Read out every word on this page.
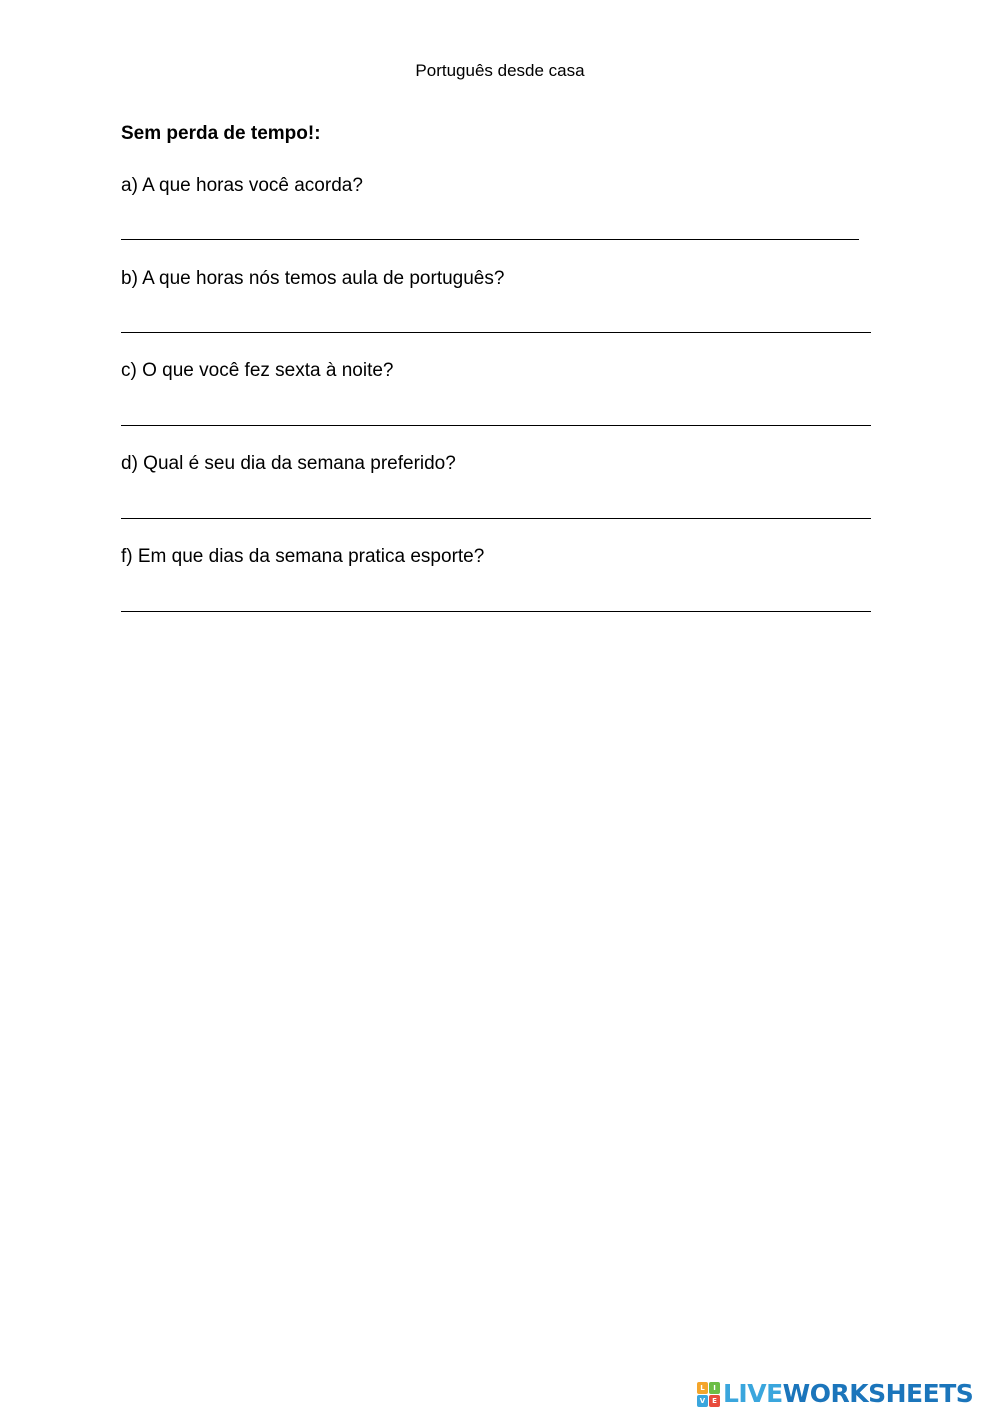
Português desde casa
Sem perda de tempo!:
a) A que horas você acorda?
b) A que horas nós temos aula de português?
c) O que você fez sexta à noite?
d) Qual é seu dia da semana preferido?
f) Em que dias da semana pratica esporte?
L	I
V E LIVEWORKSHEETS
